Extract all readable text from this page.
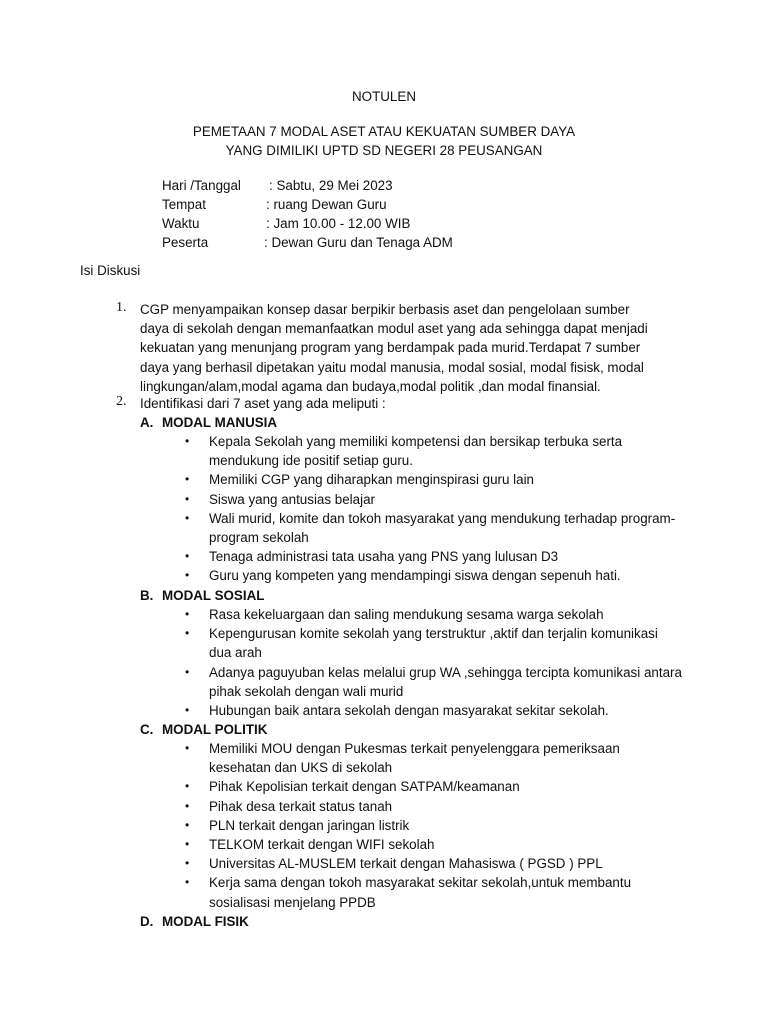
NOTULEN
PEMETAAN 7 MODAL ASET ATAU KEKUATAN SUMBER DAYA
YANG DIMILIKI UPTD SD NEGERI 28 PEUSANGAN
Hari /Tanggal : Sabtu, 29 Mei 2023
Tempat	: ruang Dewan Guru
Waktu	: Jam 10.00 - 12.00 WIB
Peserta	: Dewan Guru dan Tenaga ADM
Isi Diskusi
1. CGP menyampaikan konsep dasar berpikir berbasis aset dan pengelolaan sumber daya di sekolah dengan memanfaatkan modul aset yang ada sehingga dapat menjadi kekuatan yang menunjang program yang berdampak pada murid.Terdapat 7 sumber daya yang berhasil dipetakan yaitu modal manusia, modal sosial, modal fisisk, modal lingkungan/alam,modal agama dan budaya,modal politik ,dan modal finansial.
2. Identifikasi dari 7 aset yang ada meliputi :
A. MODAL MANUSIA
• Kepala Sekolah yang memiliki kompetensi dan bersikap terbuka serta mendukung ide positif setiap guru.
• Memiliki CGP yang diharapkan menginspirasi guru lain
• Siswa yang antusias belajar
• Wali murid, komite dan tokoh masyarakat yang mendukung terhadap program-program sekolah
• Tenaga administrasi tata usaha yang PNS yang lulusan D3
• Guru yang kompeten yang mendampingi siswa dengan sepenuh hati.
B. MODAL SOSIAL
• Rasa kekeluargaan dan saling mendukung sesama warga sekolah
• Kepengurusan komite sekolah yang terstruktur ,aktif dan terjalin komunikasi dua arah
• Adanya paguyuban kelas melalui grup WA ,sehingga tercipta komunikasi antara pihak sekolah dengan wali murid
• Hubungan baik antara sekolah dengan masyarakat sekitar sekolah.
C. MODAL POLITIK
• Memiliki MOU dengan Pukesmas terkait penyelenggara pemeriksaan kesehatan dan UKS di sekolah
• Pihak Kepolisian terkait dengan SATPAM/keamanan
• Pihak desa terkait status tanah
• PLN terkait dengan jaringan listrik
• TELKOM terkait dengan WIFI sekolah
• Universitas AL-MUSLEM terkait dengan Mahasiswa ( PGSD ) PPL
• Kerja sama dengan tokoh masyarakat sekitar sekolah,untuk membantu sosialisasi menjelang PPDB
D. MODAL FISIK
